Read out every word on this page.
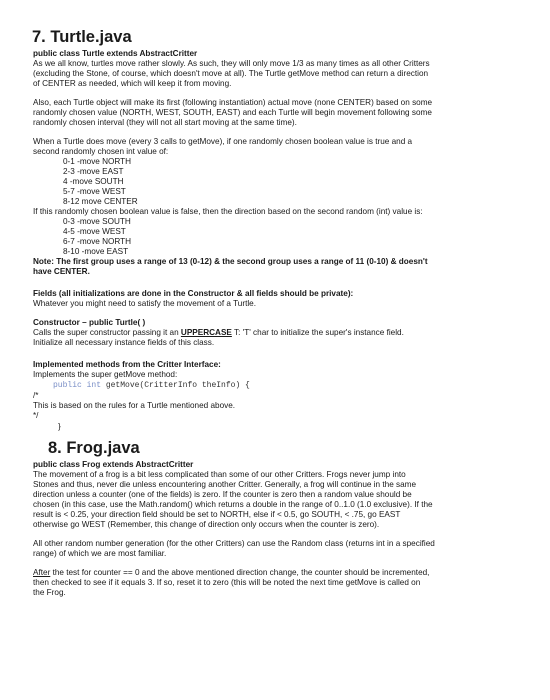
7. Turtle.java
public class Turtle extends AbstractCritter

As we all know, turtles move rather slowly. As such, they will only move 1/3 as many times as all other Critters

(excluding the Stone, of course, which doesn't move at all). The Turtle getMove method can return a direction

of CENTER as needed, which will keep it from moving.

Also, each Turtle object will make its first (following instantiation) actual move (none CENTER) based on some

randomly chosen value (NORTH, WEST, SOUTH, EAST) and each Turtle will begin movement following some

randomly chosen interval (they will not all start moving at the same time).

When a Turtle does move (every 3 calls to getMove), if one randomly chosen boolean value is true and a

second randomly chosen int value of:

0-1 -move NORTH
2-3 -move EAST
4 -move SOUTH
5-7 -move WEST
8-12 move CENTER

If this randomly chosen boolean value is false, then the direction based on the second random (int) value is:

0-3 -move SOUTH
4-5 -move WEST
6-7 -move NORTH
8-10 -move EAST

Note: The first group uses a range of 13 (0-12) & the second group uses a range of 11 (0-10) & doesn't

have CENTER.

Fields (all initializations are done in the Constructor & all fields should be private):

Whatever you might need to satisfy the movement of a Turtle.

Constructor – public Turtle( )

Calls the super constructor passing it an UPPERCASE T: 'T' char to initialize the super's instance field.

Initialize all necessary instance fields of this class.

Implemented methods from the Critter Interface:

Implements the super getMove method:

public int getMove(CritterInfo theInfo) {

/*

This is based on the rules for a Turtle mentioned above.

*/

}
8. Frog.java
public class Frog extends AbstractCritter

The movement of a frog is a bit less complicated than some of our other Critters. Frogs never jump into

Stones and thus, never die unless encountering another Critter. Generally, a frog will continue in the same

direction unless a counter (one of the fields) is zero. If the counter is zero then a random value should be

chosen (in this case, use the Math.random() which returns a double in the range of 0..1.0 (1.0 exclusive). If the

result is < 0.25, your direction field should be set to NORTH, else if < 0.5, go SOUTH, < .75, go EAST

otherwise go WEST (Remember, this change of direction only occurs when the counter is zero).

All other random number generation (for the other Critters) can use the Random class (returns int in a specified

range) of which we are most familiar.

After the test for counter == 0 and the above mentioned direction change, the counter should be incremented,

then checked to see if it equals 3. If so, reset it to zero (this will be noted the next time getMove is called on

the Frog.
